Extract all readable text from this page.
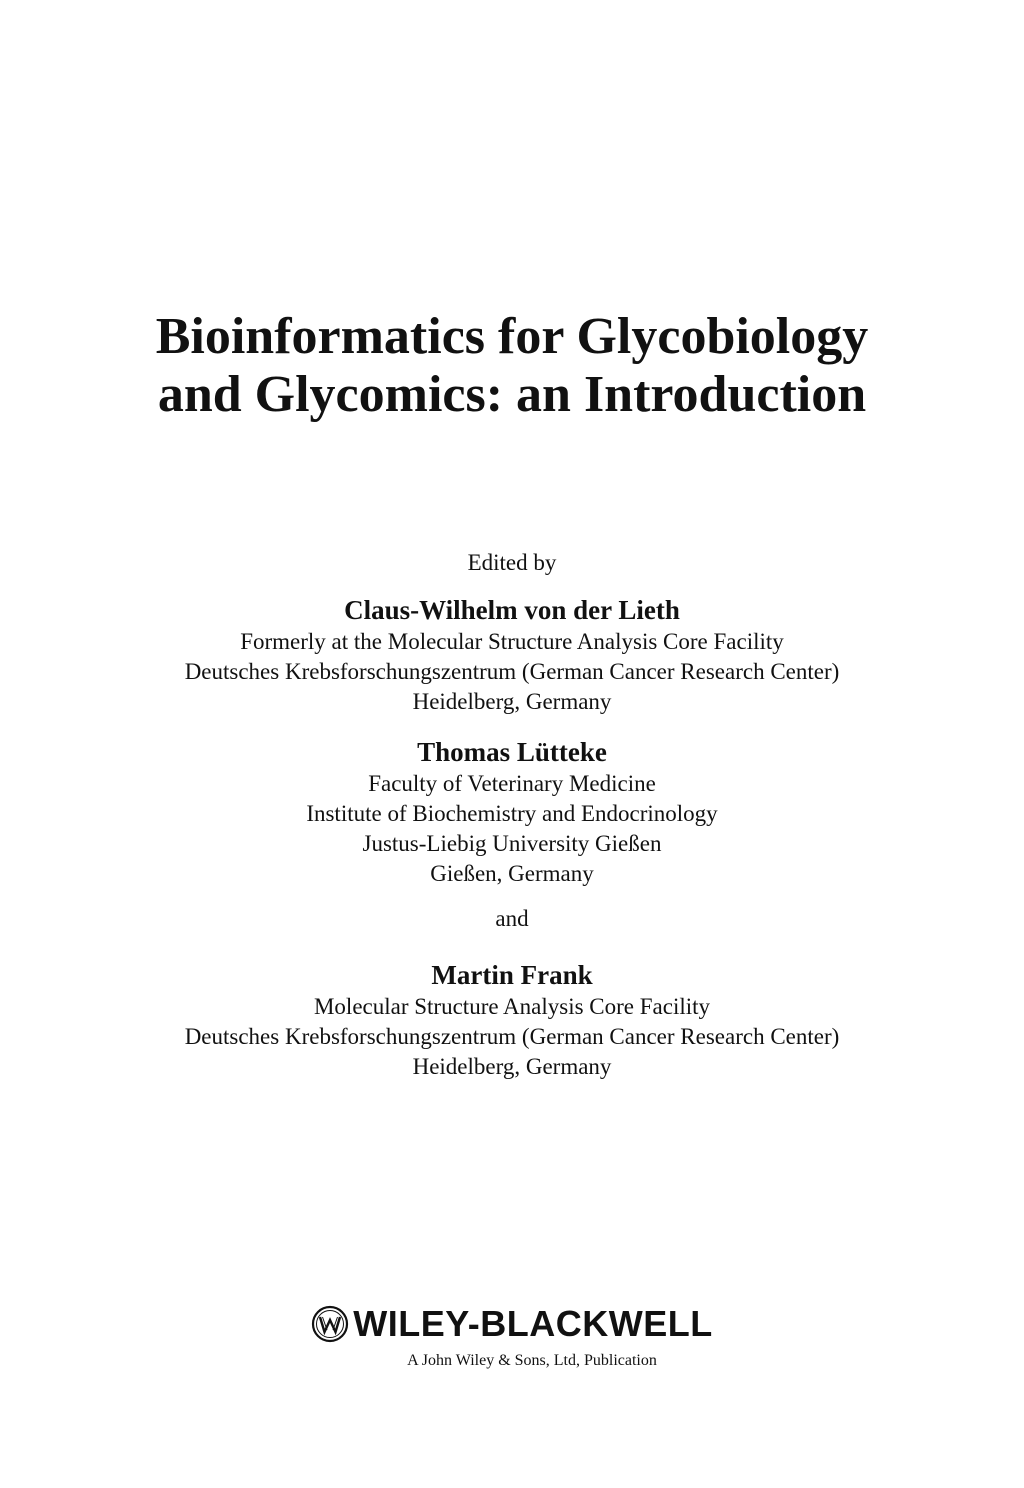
Bioinformatics for Glycobiology
and Glycomics: an Introduction
Edited by
Claus-Wilhelm von der Lieth
Formerly at the Molecular Structure Analysis Core Facility
Deutsches Krebsforschungszentrum (German Cancer Research Center)
Heidelberg, Germany
Thomas Lütteke
Faculty of Veterinary Medicine
Institute of Biochemistry and Endocrinology
Justus-Liebig University Gießen
Gießen, Germany
and
Martin Frank
Molecular Structure Analysis Core Facility
Deutsches Krebsforschungszentrum (German Cancer Research Center)
Heidelberg, Germany
WILEY-BLACKWELL
A John Wiley & Sons, Ltd, Publication
